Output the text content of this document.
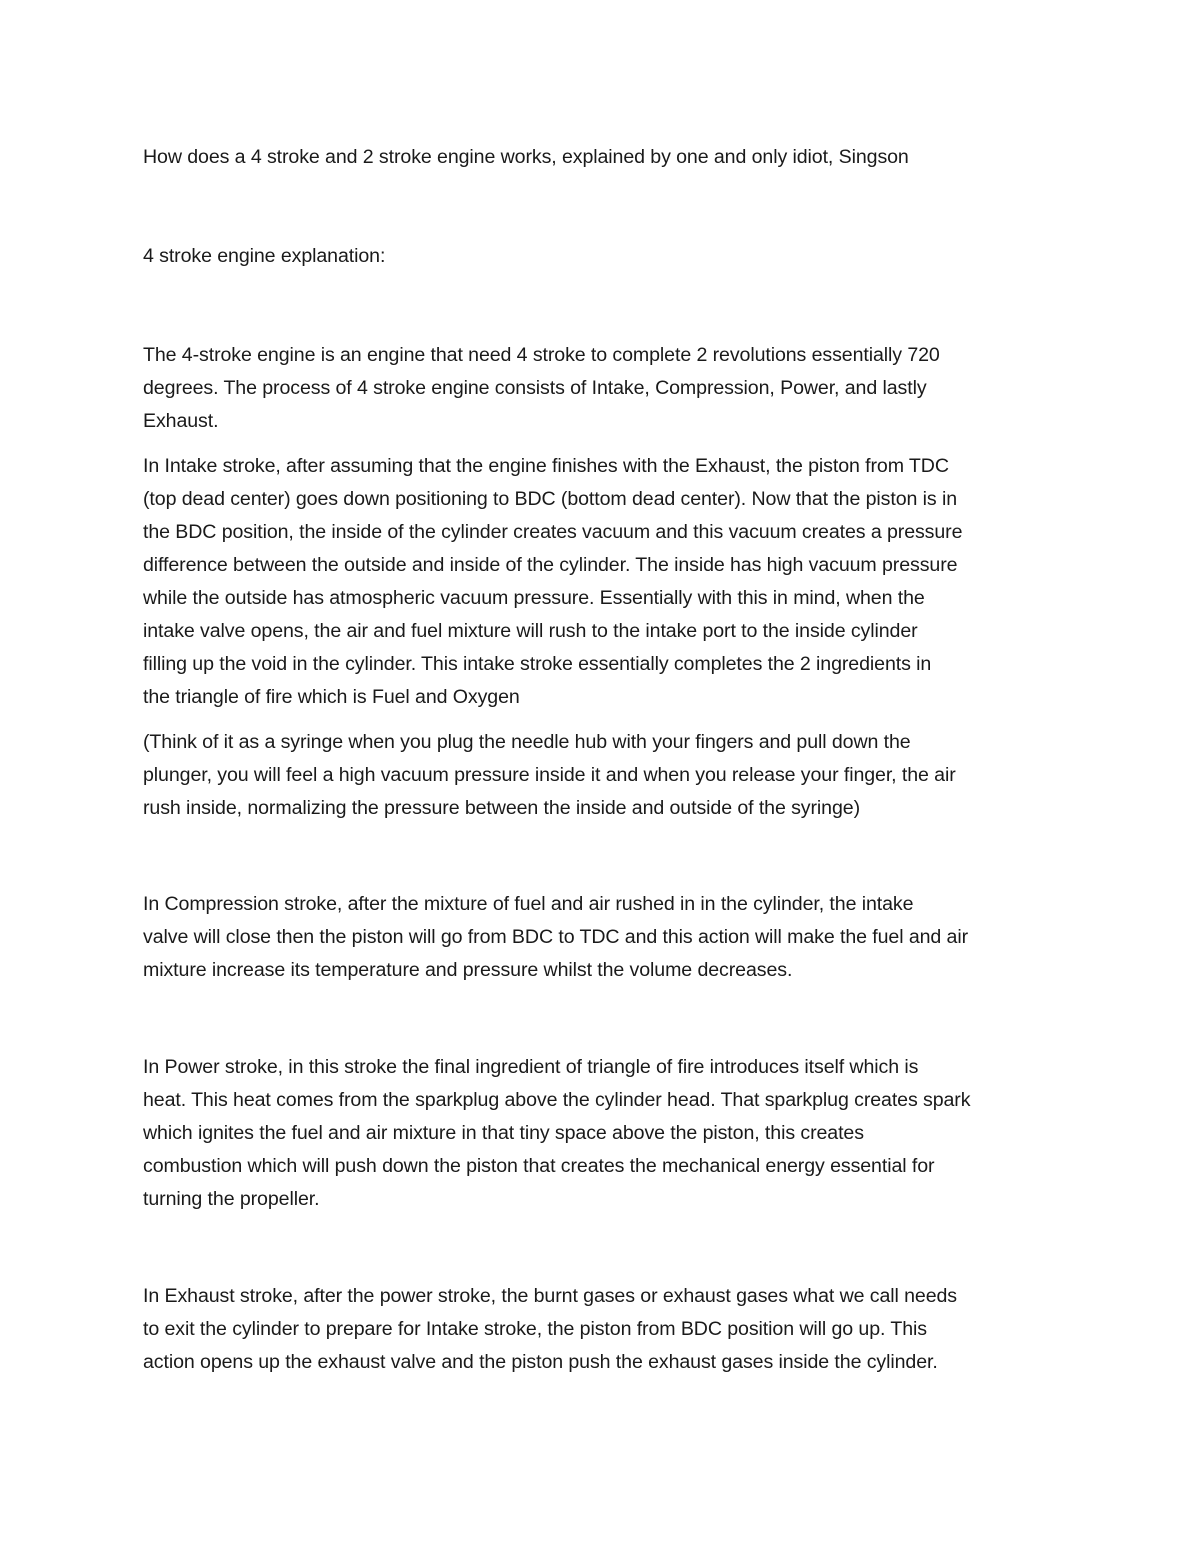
How does a 4 stroke and 2 stroke engine works, explained by one and only idiot, Singson

4 stroke engine explanation:

The 4-stroke engine is an engine that need 4 stroke to complete 2 revolutions essentially 720
degrees. The process of 4 stroke engine consists of Intake, Compression, Power, and lastly
Exhaust.

In Intake stroke, after assuming that the engine finishes with the Exhaust, the piston from TDC
(top dead center) goes down positioning to BDC (bottom dead center). Now that the piston is in
the BDC position, the inside of the cylinder creates vacuum and this vacuum creates a pressure
difference between the outside and inside of the cylinder. The inside has high vacuum pressure
while the outside has atmospheric vacuum pressure. Essentially with this in mind, when the
intake valve opens, the air and fuel mixture will rush to the intake port to the inside cylinder
filling up the void in the cylinder. This intake stroke essentially completes the 2 ingredients in
the triangle of fire which is Fuel and Oxygen

(Think of it as a syringe when you plug the needle hub with your fingers and pull down the
plunger, you will feel a high vacuum pressure inside it and when you release your finger, the air
rush inside, normalizing the pressure between the inside and outside of the syringe)

In Compression stroke, after the mixture of fuel and air rushed in in the cylinder, the intake
valve will close then the piston will go from BDC to TDC and this action will make the fuel and air
mixture increase its temperature and pressure whilst the volume decreases.

In Power stroke, in this stroke the final ingredient of triangle of fire introduces itself which is
heat. This heat comes from the sparkplug above the cylinder head. That sparkplug creates spark
which ignites the fuel and air mixture in that tiny space above the piston, this creates
combustion which will push down the piston that creates the mechanical energy essential for
turning the propeller.

In Exhaust stroke, after the power stroke, the burnt gases or exhaust gases what we call needs
to exit the cylinder to prepare for Intake stroke, the piston from BDC position will go up. This
action opens up the exhaust valve and the piston push the exhaust gases inside the cylinder.
